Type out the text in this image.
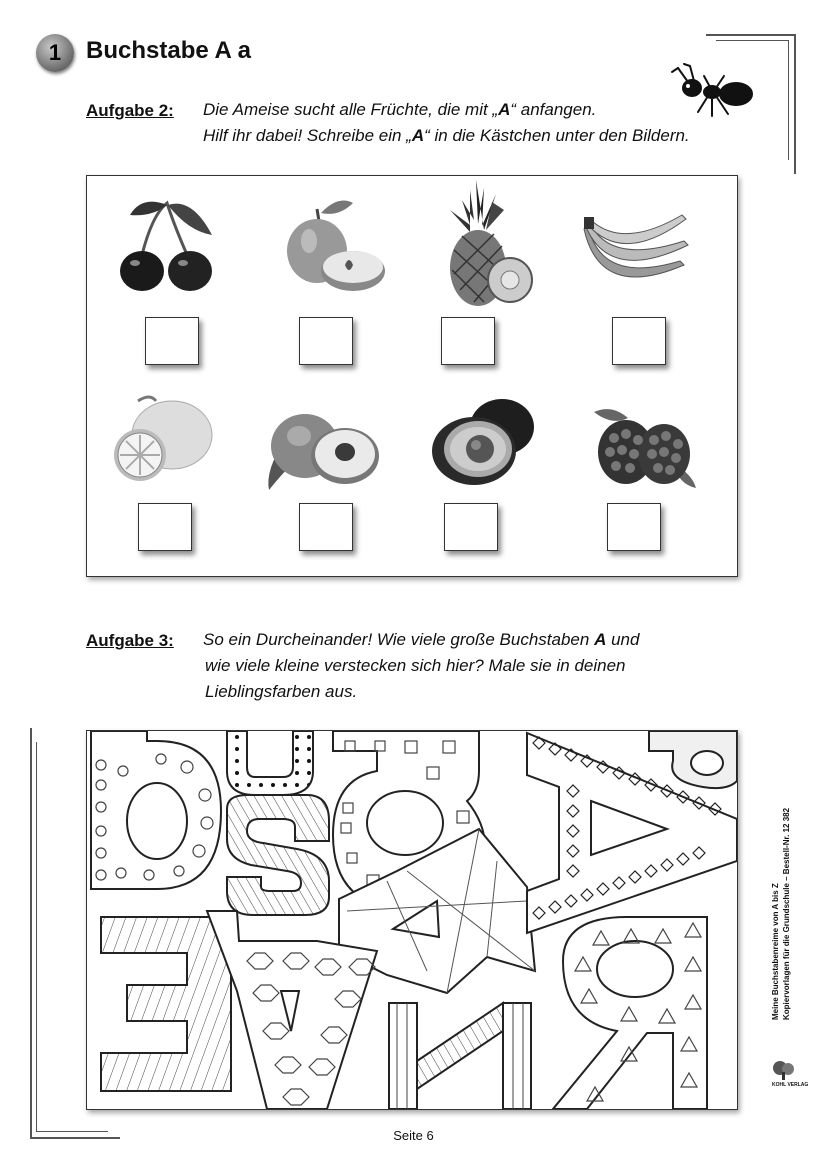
1 Buchstabe A a
Aufgabe 2: Die Ameise sucht alle Früchte, die mit „A“ anfangen.
Hilf ihr dabei! Schreibe ein „A“ in die Kästchen unter den Bildern.
Aufgabe 3: So ein Durcheinander! Wie viele große Buchstaben A und
wie viele kleine verstecken sich hier? Male sie in deinen
Lieblingsfarben aus.
Meine Buchstabenreime von A bis Z Kopiervorlagen für die Grundschule – Bestell-Nr. 12 382
KOHL VERLAG
Seite 6
